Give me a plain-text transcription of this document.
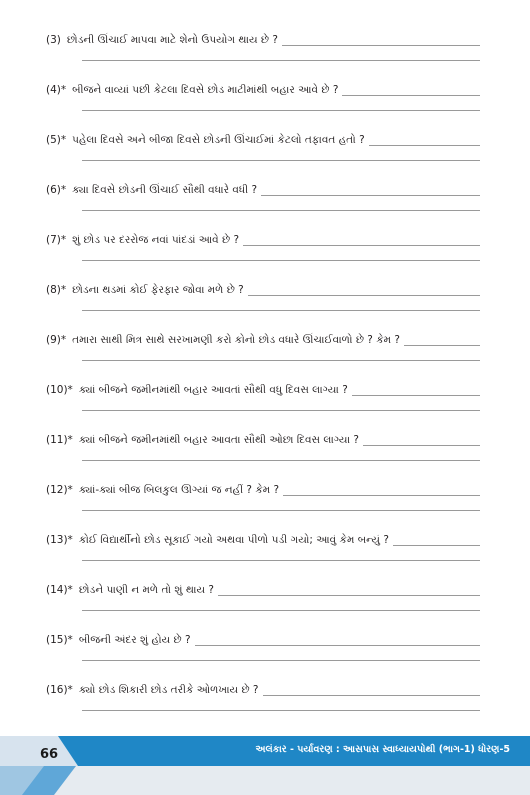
(3) છોડની ઊંચાઈ માપવા માટે શેનો ઉપયોગ થાય છે ?
(4)* બીજને વાવ્યાં પછી કેટલા દિવસે છોડ માટીમાંથી બહાર આવે છે ?
(5)* પહેલા દિવસે અને બીજા દિવસે છોડની ઊંચાઈમાં કેટલો તફાવત હતો ?
(6)* ક્યા દિવસે છોડની ઊંચાઈ સૌથી વધારે વધી ?
(7)* શું છોડ પર દરરોજ નવાં પાંદડાં આવે છે ?
(8)* છોડના થડમાં કોઈ ફેરફાર જોવા મળે છે ?
(9)* તમારા સાથી મિત્ર સાથે સરખામણી કરો કોનો છોડ વધારે ઊંચાઈવાળો છે ? કેમ ?
(10)* ક્યાં બીજને જમીનમાંથી બહાર આવતાં સૌથી વધુ દિવસ લાગ્યા ?
(11)* ક્યાં બીજને જમીનમાંથી બહાર આવતા સૌથી ઓછા દિવસ લાગ્યા ?
(12)* ક્યાં-ક્યાં બીજ બિલકુલ ઊગ્યાં જ નહીં ? કેમ ?
(13)* કોઈ વિદ્યાર્થીનો છોડ સૂકાઈ ગયો અથવા પીળો પડી ગયો; આવું કેમ બન્યું ?
(14)* છોડને પાણી ન મળે તો શું થાય ?
(15)* બીજની અંદર શું હોય છે ?
(16)* ક્યો છોડ શિકારી છોડ તરીકે ઓળખાય છે ?
66	અલંકાર - પર્યાવરણ : આસપાસ સ્વાધ્યાયપોથી (ભાગ-1) ધોરણ-5
